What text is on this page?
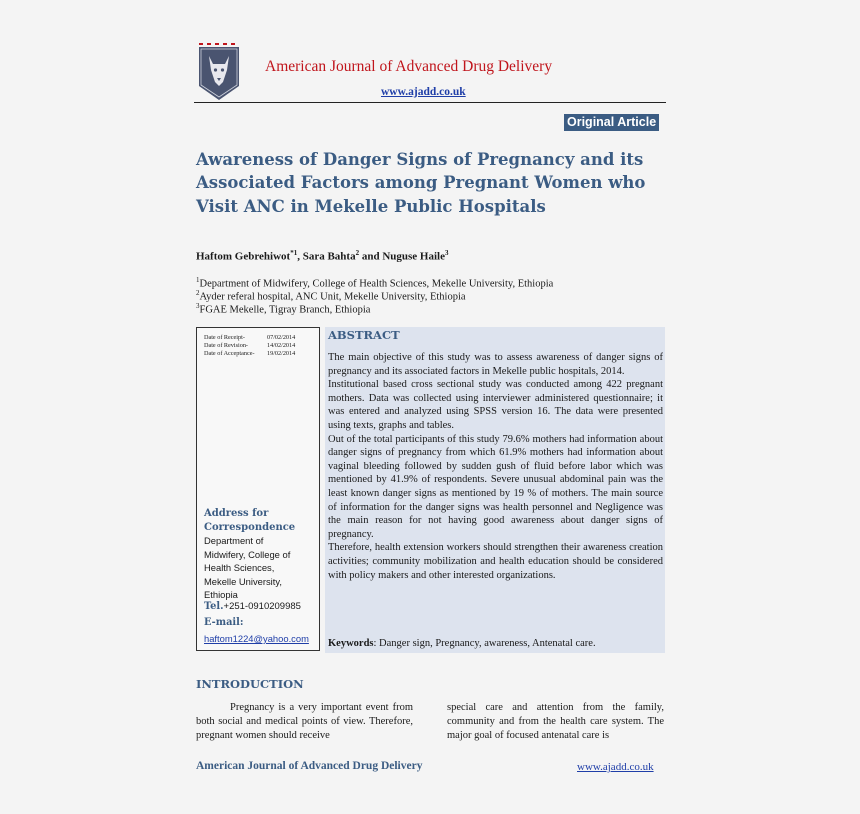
American Journal of Advanced Drug Delivery
www.ajadd.co.uk
Original Article
Awareness of Danger Signs of Pregnancy and its Associated Factors among Pregnant Women who Visit ANC in Mekelle Public Hospitals
Haftom Gebrehiwot$^{*1}$, Sara Bahta$^2$ and Nuguse Haile$^3$
$^1$Department of Midwifery, College of Health Sciences, Mekelle University, Ethiopia
$^2$Ayder referal hospital, ANC Unit, Mekelle University, Ethiopia
$^3$FGAE Mekelle, Tigray Branch, Ethiopia
Date of Receipt-	07/02/2014
Date of Revision-	14/02/2014
Date of Acceptance- 19/02/2014
Address for Correspondence
Department of
Midwifery, College of
Health Sciences,
Mekelle University,
Ethiopia
Tel.+251-0910209985
E-mail: haftom1224@yahoo.com
ABSTRACT

The main objective of this study was to assess awareness of danger signs of pregnancy and its associated factors in Mekelle public hospitals, 2014.

Institutional based cross sectional study was conducted among 422 pregnant mothers. Data was collected using interviewer administered questionnaire; it was entered and analyzed using SPSS version 16. The data were presented using texts, graphs and tables.

Out of the total participants of this study 79.6% mothers had information about danger signs of pregnancy from which 61.9% mothers had information about vaginal bleeding followed by sudden gush of fluid before labor which was mentioned by 41.9% of respondents. Severe unusual abdominal pain was the least known danger signs as mentioned by 19 % of mothers. The main source of information for the danger signs was health personnel and Negligence was the main reason for not having good awareness about danger signs of pregnancy.

Therefore, health extension workers should strengthen their awareness creation activities; community mobilization and health education should be considered with policy makers and other interested organizations.

Keywords: Danger sign, Pregnancy, awareness, Antenatal care.
INTRODUCTION
Pregnancy is a very important event from both social and medical points of view. Therefore, pregnant women should receive
special care and attention from the family, community and from the health care system. The major goal of focused antenatal care is
American Journal of Advanced Drug Delivery	www.ajadd.co.uk
